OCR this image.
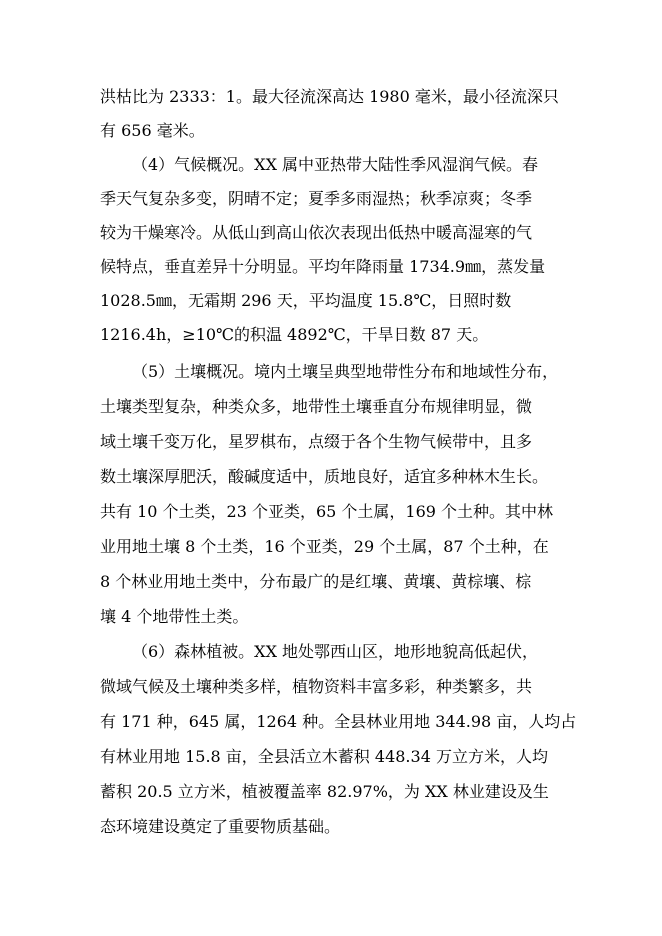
洪枯比为 2333：1。最大径流深高达 1980 毫米，最小径流深只
有 656 毫米。
（4）气候概况。XX 属中亚热带大陆性季风湿润气候。春
季天气复杂多变，阴晴不定；夏季多雨湿热；秋季凉爽；冬季
较为干燥寒冷。从低山到高山依次表现出低热中暖高湿寒的气
候特点，垂直差异十分明显。平均年降雨量 1734.9㎜，蒸发量
1028.5㎜，无霜期 296 天，平均温度 15.8℃，日照时数
1216.4h，≥10℃的积温 4892℃，干旱日数 87 天。
（5）土壤概况。境内土壤呈典型地带性分布和地域性分布，
土壤类型复杂，种类众多，地带性土壤垂直分布规律明显，微
域土壤千变万化，星罗棋布，点缀于各个生物气候带中，且多
数土壤深厚肥沃，酸碱度适中，质地良好，适宜多种林木生长。
共有 10 个土类，23 个亚类，65 个土属，169 个土种。其中林
业用地土壤 8 个土类，16 个亚类，29 个土属，87 个土种，在
8 个林业用地土类中，分布最广的是红壤、黄壤、黄棕壤、棕
壤 4 个地带性土类。
（6）森林植被。XX 地处鄂西山区，地形地貌高低起伏，
微域气候及土壤种类多样，植物资料丰富多彩，种类繁多，共
有 171 种，645 属，1264 种。全县林业用地 344.98 亩，人均占
有林业用地 15.8 亩，全县活立木蓄积 448.34 万立方米，人均
蓄积 20.5 立方米，植被覆盖率 82.97%，为 XX 林业建设及生
态环境建设奠定了重要物质基础。
